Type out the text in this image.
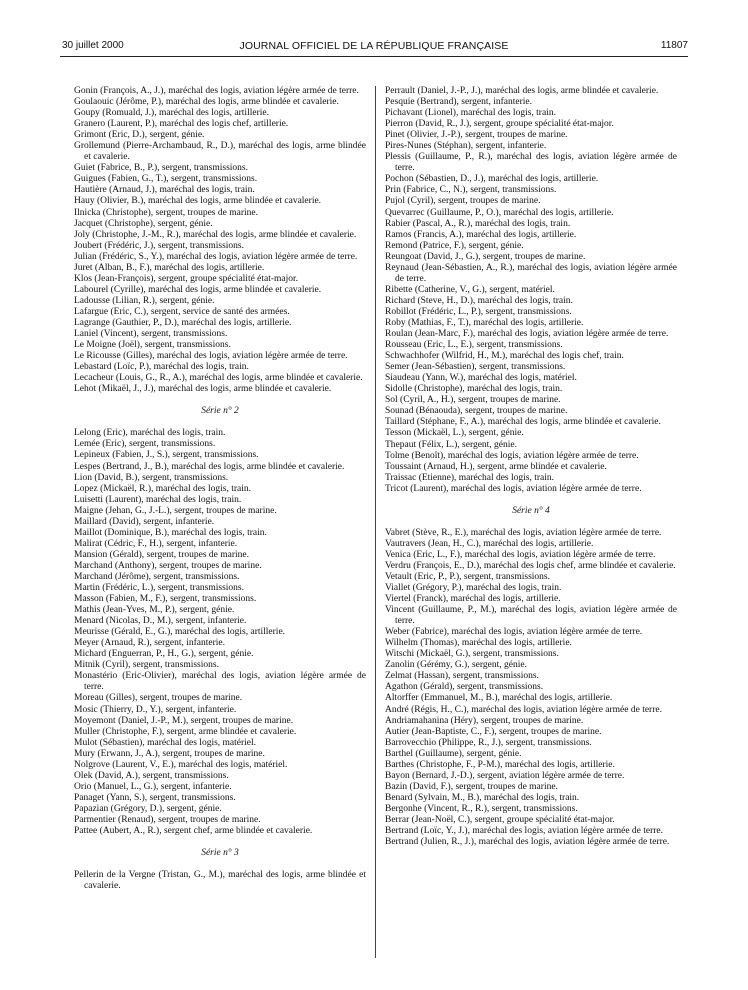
30 juillet 2000	JOURNAL OFFICIEL DE LA RÉPUBLIQUE FRANÇAISE	11807

Gonin (François, A., J.), maréchal des logis, aviation légère armée de terre.

Goulaouic (Jérôme, P.), maréchal des logis, arme blindée et cavalerie.

Goupy (Romuald, J.), maréchal des logis, artillerie.

Granero (Laurent, P.), maréchal des logis chef, artillerie.

Grimont (Eric, D.), sergent, génie.

Grollemund (Pierre-Archambaud, R., D.), maréchal des logis, arme blindée et cavalerie.

Guiet (Fabrice, B., P.), sergent, transmissions.

Guigues (Fabien, G., T.), sergent, transmissions.

Hautière (Arnaud, J.), maréchal des logis, train.

Hauy (Olivier, B.), maréchal des logis, arme blindée et cavalerie.

Ilnicka (Christophe), sergent, troupes de marine.

Jacquet (Christophe), sergent, génie.

Joly (Christophe, J.-M., R.), maréchal des logis, arme blindée et cavalerie.

Joubert (Frédéric, J.), sergent, transmissions.

Julian (Frédéric, S., Y.), maréchal des logis, aviation légère armée de terre.

Juret (Alban, B., F.), maréchal des logis, artillerie.

Klos (Jean-François), sergent, groupe spécialité état-major.

Labourel (Cyrille), maréchal des logis, arme blindée et cavalerie.

Ladousse (Lilian, R.), sergent, génie.

Lafargue (Eric, C.), sergent, service de santé des armées.

Lagrange (Gauthier, P., D.), maréchal des logis, artillerie.

Laniel (Vincent), sergent, transmissions.

Le Moigne (Joël), sergent, transmissions.

Le Ricousse (Gilles), maréchal des logis, aviation légère armée de terre.

Lebastard (Loïc, P.), maréchal des logis, train.

Lecacheur (Louis, G., R., A.), maréchal des logis, arme blindée et cavalerie.

Lehot (Mikaël, J., J.), maréchal des logis, arme blindée et cavalerie.

Série n° 2

Lelong (Eric), maréchal des logis, train.

Lemée (Eric), sergent, transmissions.

Lepineux (Fabien, J., S.), sergent, transmissions.

Lespes (Bertrand, J., B.), maréchal des logis, arme blindée et cavalerie.

Lion (David, B.), sergent, transmissions.

Lopez (Mickaël, R.), maréchal des logis, train.

Luisetti (Laurent), maréchal des logis, train.

Maigne (Jehan, G., J.-L.), sergent, troupes de marine.

Maillard (David), sergent, infanterie.

Maillot (Dominique, B.), maréchal des logis, train.

Malirat (Cédric, F., H.), sergent, infanterie.

Mansion (Gérald), sergent, troupes de marine.

Marchand (Anthony), sergent, troupes de marine.

Marchand (Jérôme), sergent, transmissions.

Martin (Frédéric, L.), sergent, transmissions.

Masson (Fabien, M., F.), sergent, transmissions.

Mathis (Jean-Yves, M., P.), sergent, génie.

Menard (Nicolas, D., M.), sergent, infanterie.

Meurisse (Gérald, E., G.), maréchal des logis, artillerie.

Meyer (Arnaud, R.), sergent, infanterie.

Michard (Enguerran, P., H., G.), sergent, génie.

Mitnik (Cyril), sergent, transmissions.

Monastério (Eric-Olivier), maréchal des logis, aviation légère armée de terre.

Moreau (Gilles), sergent, troupes de marine.

Mosic (Thierry, D., Y.), sergent, infanterie.

Moyemont (Daniel, J.-P., M.), sergent, troupes de marine.

Muller (Christophe, F.), sergent, arme blindée et cavalerie.

Mulot (Sébastien), maréchal des logis, matériel.

Mury (Erwann, J., A.), sergent, troupes de marine.

Nolgrove (Laurent, V., E.), maréchal des logis, matériel.

Olek (David, A.), sergent, transmissions.

Orio (Manuel, L., G.), sergent, infanterie.

Panaget (Yann, S.), sergent, transmissions.

Papazian (Grégory, D.), sergent, génie.

Parmentier (Renaud), sergent, troupes de marine.

Pattee (Aubert, A., R.), sergent chef, arme blindée et cavalerie.

Série n° 3

Pellerin de la Vergne (Tristan, G., M.), maréchal des logis, arme blindée et cavalerie.

Perrault (Daniel, J.-P., J.), maréchal des logis, arme blindée et cavalerie.

Pesquie (Bertrand), sergent, infanterie.

Pichavant (Lionel), maréchal des logis, train.

Pierron (David, R., J.), sergent, groupe spécialité état-major.

Pinet (Olivier, J.-P.), sergent, troupes de marine.

Pires-Nunes (Stéphan), sergent, infanterie.

Plessis (Guillaume, P., R.), maréchal des logis, aviation légère armée de terre.

Pochon (Sébastien, D., J.), maréchal des logis, artillerie.

Prin (Fabrice, C., N.), sergent, transmissions.

Pujol (Cyril), sergent, troupes de marine.

Quevarrec (Guillaume, P., O.), maréchal des logis, artillerie.

Rabier (Pascal, A., R.), maréchal des logis, train.

Ramos (Francis, A.), maréchal des logis, artillerie.

Remond (Patrice, F.), sergent, génie.

Reungoat (David, J., G.), sergent, troupes de marine.

Reynaud (Jean-Sébastien, A., R.), maréchal des logis, aviation légère armée de terre.

Ribette (Catherine, V., G.), sergent, matériel.

Richard (Steve, H., D.), maréchal des logis, train.

Robillot (Frédéric, L., P.), sergent, transmissions.

Roby (Mathias, F., T.), maréchal des logis, artillerie.

Roulan (Jean-Marc, F.), maréchal des logis, aviation légère armée de terre.

Rousseau (Eric, L., E.), sergent, transmissions.

Schwachhofer (Wilfrid, H., M.), maréchal des logis chef, train.

Semer (Jean-Sébastien), sergent, transmissions.

Siaudeau (Yann, W.), maréchal des logis, matériel.

Sidolle (Christophe), maréchal des logis, train.

Sol (Cyril, A., H.), sergent, troupes de marine.

Sounad (Bénaouda), sergent, troupes de marine.

Taillard (Stéphane, F., A.), maréchal des logis, arme blindée et cavalerie.

Tesson (Mickaël, L.), sergent, génie.

Thepaut (Félix, L.), sergent, génie.

Tolme (Benoît), maréchal des logis, aviation légère armée de terre.

Toussaint (Arnaud, H.), sergent, arme blindée et cavalerie.

Traissac (Etienne), maréchal des logis, train.

Tricot (Laurent), maréchal des logis, aviation légère armée de terre.

Série n° 4

Vabret (Stève, R., E.), maréchal des logis, aviation légère armée de terre.

Vautravers (Jean, H., C.), maréchal des logis, artillerie.

Venica (Eric, L., F.), maréchal des logis, aviation légère armée de terre.

Verdru (François, E., D.), maréchal des logis chef, arme blindée et cavalerie.

Vetault (Eric, P., P.), sergent, transmissions.

Viallet (Grégory, P.), maréchal des logis, train.

Viertel (Franck), maréchal des logis, artillerie.

Vincent (Guillaume, P., M.), maréchal des logis, aviation légère armée de terre.

Weber (Fabrice), maréchal des logis, aviation légère armée de terre.

Wilhelm (Thomas), maréchal des logis, artillerie.

Witschi (Mickaël, G.), sergent, transmissions.

Zanolin (Gérémy, G.), sergent, génie.

Zelmat (Hassan), sergent, transmissions.

Agathon (Gérald), sergent, transmissions.

Altorffer (Emmanuel, M., B.), maréchal des logis, artillerie.

André (Régis, H., C.), maréchal des logis, aviation légère armée de terre.

Andriamahanina (Héry), sergent, troupes de marine.

Autier (Jean-Baptiste, C., F.), sergent, troupes de marine.

Barrovecchio (Philippe, R., J.), sergent, transmissions.

Barthel (Guillaume), sergent, génie.

Barthes (Christophe, F., P-M.), maréchal des logis, artillerie.

Bayon (Bernard, J.-D.), sergent, aviation légère armée de terre.

Bazin (David, F.), sergent, troupes de marine.

Benard (Sylvain, M., B.), maréchal des logis, train.

Bergonhe (Vincent, R., R.), sergent, transmissions.

Berrar (Jean-Noël, C.), sergent, groupe spécialité état-major.

Bertrand (Loïc, Y., J.), maréchal des logis, aviation légère armée de terre.

Bertrand (Julien, R., J.), maréchal des logis, aviation légère armée de terre.
